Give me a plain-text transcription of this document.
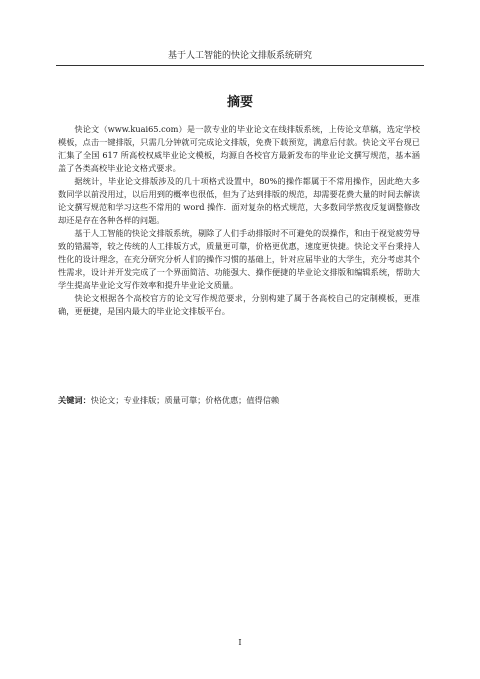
基于人工智能的快论文排版系统研究
摘要

快论文（www.kuai65.com）是一款专业的毕业论文在线排版系统，上传论文草稿，选定学校模板，点击一键排版，只需几分钟就可完成论文排版，免费下载预览，满意后付款。快论文平台现已汇集了全国 617 所高校权威毕业论文模板，均源自各校官方最新发布的毕业论文撰写规范，基本涵盖了各类高校毕业论文格式要求。

据统计，毕业论文排版涉及的几十项格式设置中，80%的操作都属于不常用操作，因此绝大多数同学以前没用过，以后用到的概率也很低，但为了达到排版的规范，却需要花费大量的时间去解读论文撰写规范和学习这些不常用的 word 操作．面对复杂的格式规范，大多数同学熬夜反复调整修改却还是存在各种各样的问题。

基于人工智能的快论文排版系统，剔除了人们手动排版时不可避免的误操作，和由于视觉疲劳导致的错漏等，较之传统的人工排版方式，质量更可靠，价格更优惠，速度更快捷。快论文平台秉持人性化的设计理念，在充分研究分析人们的操作习惯的基础上，针对应届毕业的大学生，充分考虑其个性需求，设计并开发完成了一个界面简洁、功能强大、操作便捷的毕业论文排版和编辑系统，帮助大学生提高毕业论文写作效率和提升毕业论文质量。

快论文根据各个高校官方的论文写作规范要求，分别构建了属于各高校自己的定制模板，更准确，更便捷，是国内最大的毕业论文排版平台。

关键词：快论文；专业排版；质量可靠；价格优惠；值得信赖
I
